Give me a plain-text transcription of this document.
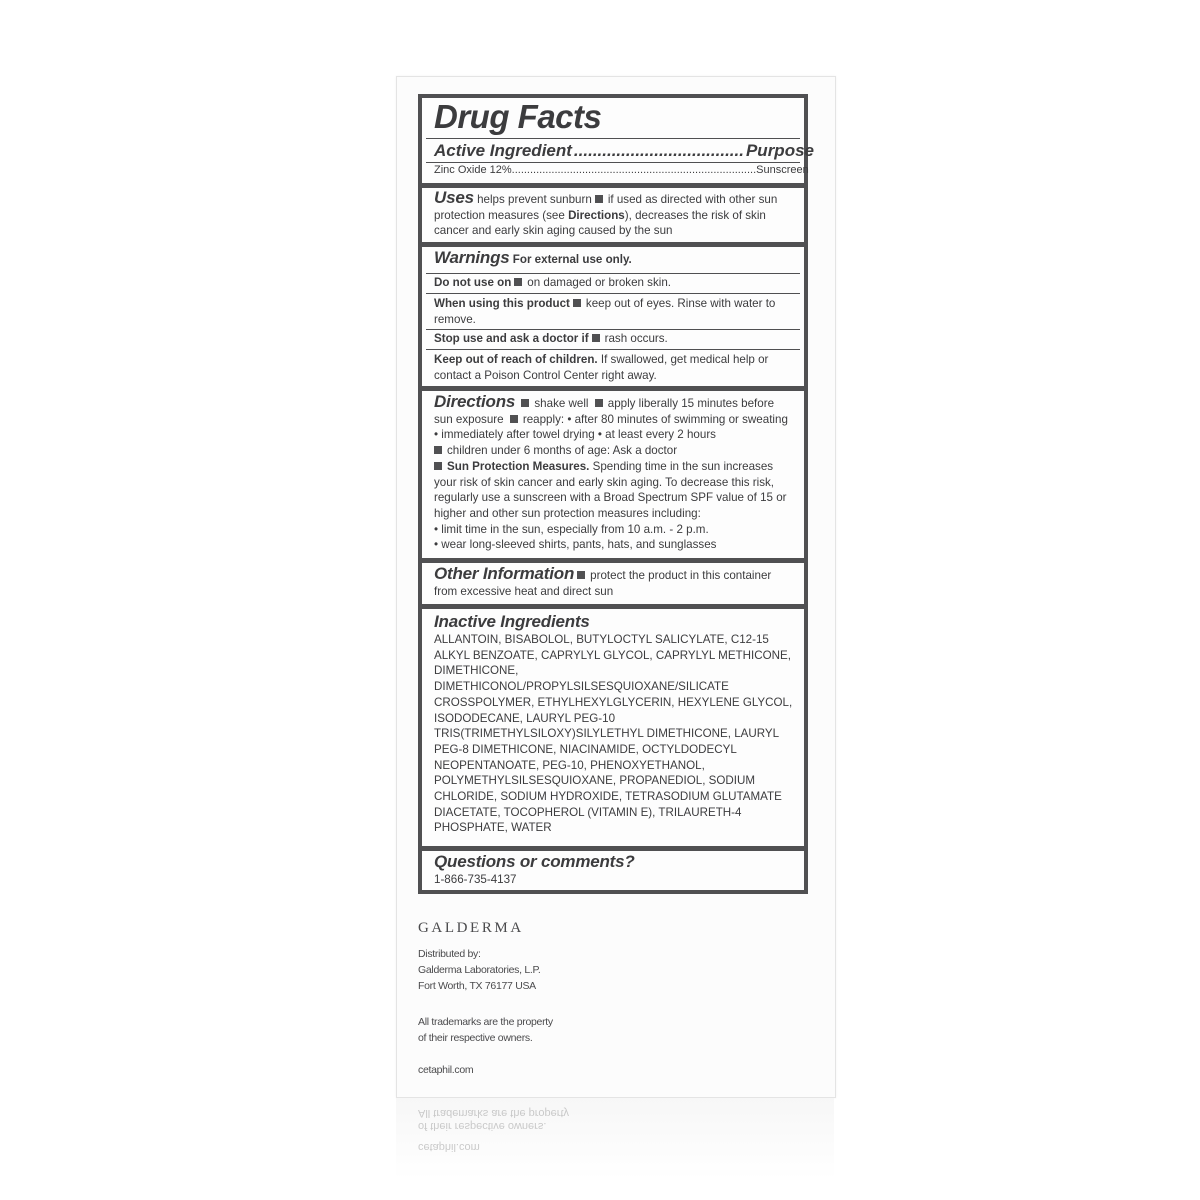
Drug Facts
Active Ingredient .................................... Purpose
Zinc Oxide 12% ................................................................................ Sunscreen
Uses helps prevent sunburn if used as directed with other sun protection measures (see Directions), decreases the risk of skin cancer and early skin aging caused by the sun
Warnings For external use only.
Do not use on on damaged or broken skin.
When using this product keep out of eyes. Rinse with water to remove.
Stop use and ask a doctor if rash occurs.
Keep out of reach of children. If swallowed, get medical help or contact a Poison Control Center right away.
Directions shake well apply liberally 15 minutes before sun exposure reapply: • after 80 minutes of swimming or sweating • immediately after towel drying • at least every 2 hours
children under 6 months of age: Ask a doctor
Sun Protection Measures. Spending time in the sun increases your risk of skin cancer and early skin aging. To decrease this risk, regularly use a sunscreen with a Broad Spectrum SPF value of 15 or higher and other sun protection measures including:
• limit time in the sun, especially from 10 a.m. - 2 p.m.
• wear long-sleeved shirts, pants, hats, and sunglasses
Other Information protect the product in this container from excessive heat and direct sun
Inactive Ingredients
ALLANTOIN, BISABOLOL, BUTYLOCTYL SALICYLATE, C12-15 ALKYL BENZOATE, CAPRYLYL GLYCOL, CAPRYLYL METHICONE, DIMETHICONE, DIMETHICONOL/PROPYLSILSESQUIOXANE/SILICATE CROSSPOLYMER, ETHYLHEXYLGLYCERIN, HEXYLENE GLYCOL, ISODODECANE, LAURYL PEG-10 TRIS(TRIMETHYLSILOXY)SILYLETHYL DIMETHICONE, LAURYL PEG-8 DIMETHICONE, NIACINAMIDE, OCTYLDODECYL NEOPENTANOATE, PEG-10, PHENOXYETHANOL, POLYMETHYLSILSESQUIOXANE, PROPANEDIOL, SODIUM CHLORIDE, SODIUM HYDROXIDE, TETRASODIUM GLUTAMATE DIACETATE, TOCOPHEROL (VITAMIN E), TRILAURETH-4 PHOSPHATE, WATER
Questions or comments?
1-866-735-4137
GALDERMA
Distributed by:
Galderma Laboratories, L.P.
Fort Worth, TX 76177 USA
All trademarks are the property
of their respective owners.
cetaphil.com
cetaphil.com
of their respective owners.
All trademarks are the property
